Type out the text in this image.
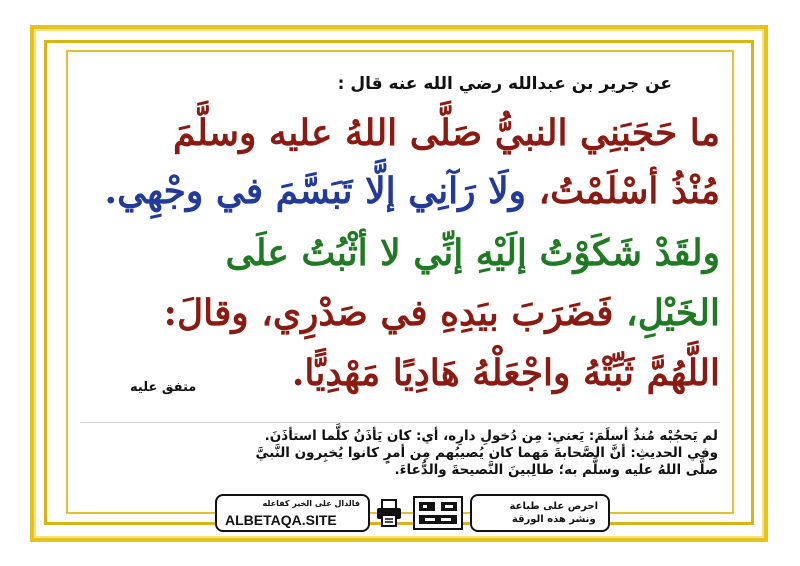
عن جرير بن عبدالله رضي الله عنه قال :
ما حَجَبَنِي النبيُّ صَلَّى اللهُ عليه وسلَّمَ
مُنْذُ أسْلَمْتُ، ولَا رَآنِي إلَّا تَبَسَّمَ في وجْهِي.
ولقَدْ شَكَوْتُ إلَيْهِ إنِّي لا أثْبُتُ علَى
الخَيْلِ، فَضَرَبَ بيَدِهِ في صَدْرِي، وقالَ:
اللَّهُمَّ ثَبِّتْهُ واجْعَلْهُ هَادِيًا مَهْدِيًّا.
متفق عليه
لم يَحجُبْه مُنذُ أسلَمَ: يَعني: مِن دُخولِ دارِه، أي: كان يَأذَنُ كلَّما استأذَنَ.
وفي الحديثِ: أنَّ الصَّحابةَ مَهما كان يُصيبُهم مِن أمرٍ كانوا يُخبِرون النَّبيَّ
صلَّى اللهُ عليه وسلَّم به؛ طالِبينَ النَّصيحةَ والدُّعاءَ.
فالدال على الخير كفاعله
ALBETAQA.SITE
احرص على طباعة
ونشر هذه الورقة
